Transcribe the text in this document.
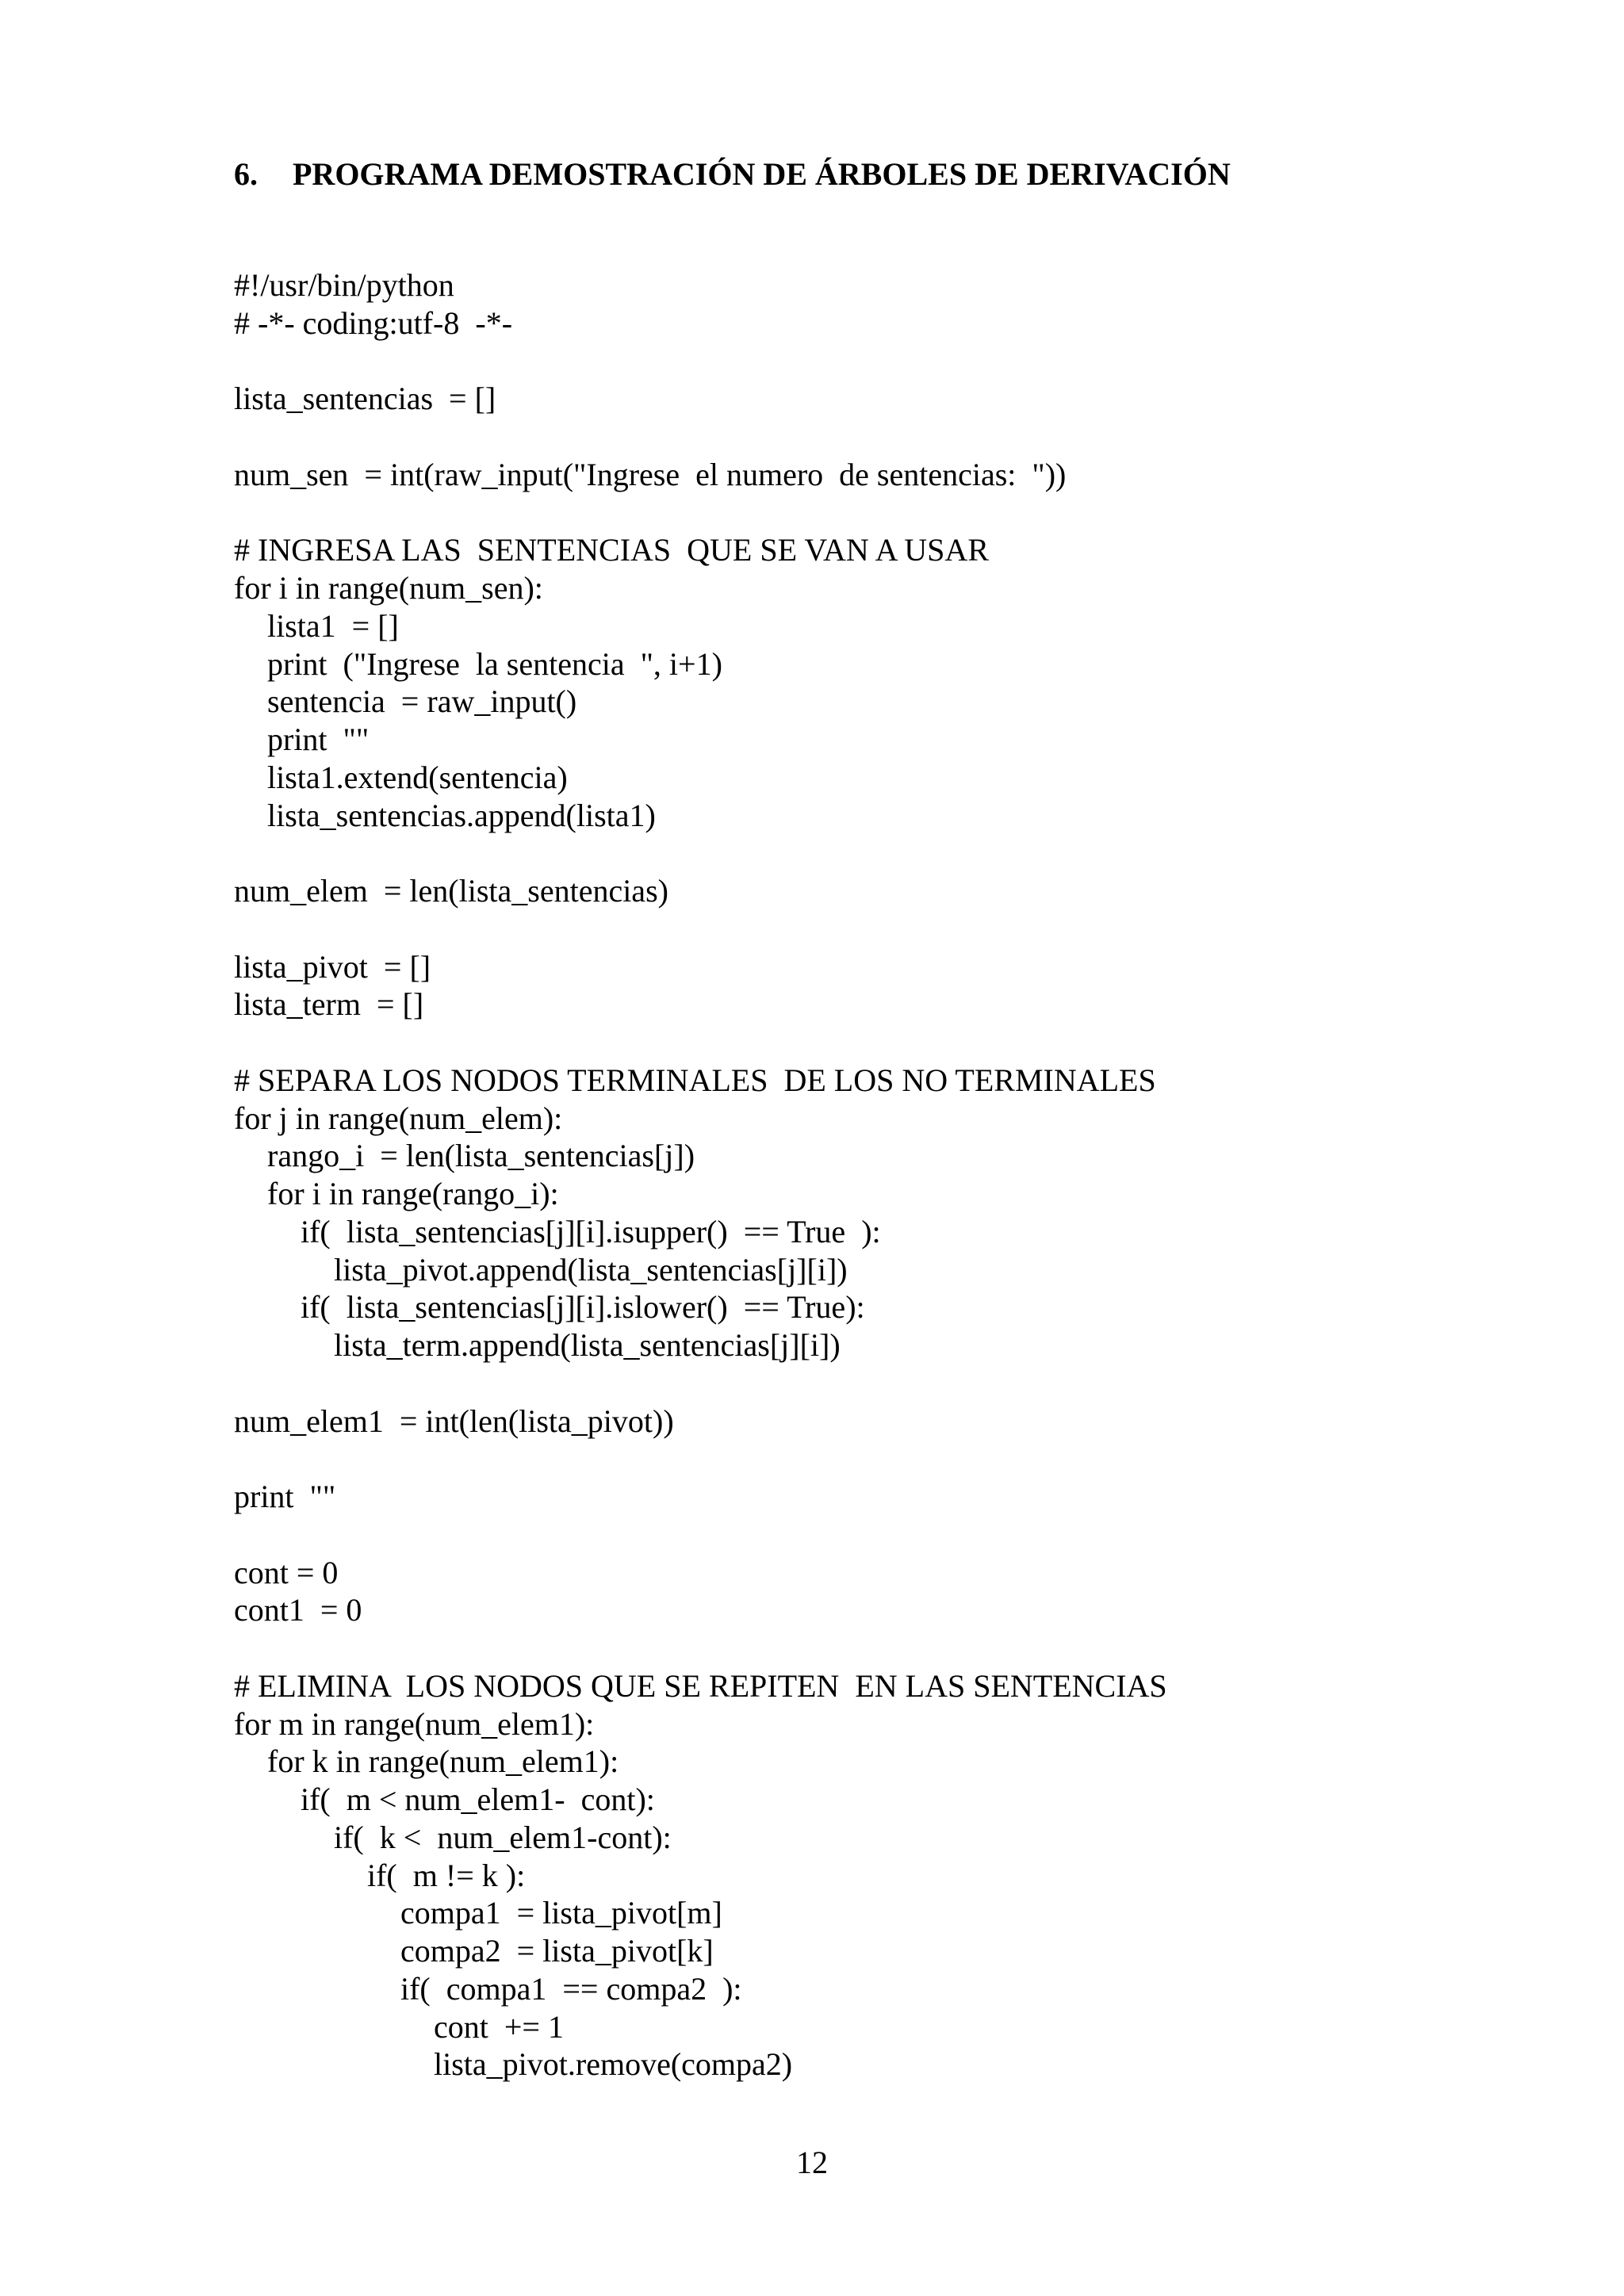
6. PROGRAMA DEMOSTRACIÓN DE ÁRBOLES DE DERIVACIÓN
#!/usr/bin/python
# -*- coding:utf-8  -*-
lista_sentencias  = []
num_sen  = int(raw_input("Ingrese  el numero  de sentencias:  "))
# INGRESA LAS  SENTENCIAS  QUE SE VAN A USAR
for i in range(num_sen):
lista1  = []
print  ("Ingrese  la sentencia  ", i+1)
sentencia  = raw_input()
print  ""
lista1.extend(sentencia)
lista_sentencias.append(lista1)
num_elem  = len(lista_sentencias)
lista_pivot  = []
lista_term  = []
# SEPARA LOS NODOS TERMINALES  DE LOS NO TERMINALES
for j in range(num_elem):
rango_i  = len(lista_sentencias[j])
for i in range(rango_i):
if(  lista_sentencias[j][i].isupper()  == True  ):
lista_pivot.append(lista_sentencias[j][i])
if(  lista_sentencias[j][i].islower()  == True):
lista_term.append(lista_sentencias[j][i])
num_elem1  = int(len(lista_pivot))
print  ""
cont = 0
cont1  = 0
# ELIMINA  LOS NODOS QUE SE REPITEN  EN LAS SENTENCIAS
for m in range(num_elem1):
for k in range(num_elem1):
if(  m < num_elem1-  cont):
if(  k <  num_elem1-cont):
if(  m != k ):
compa1  = lista_pivot[m]
compa2  = lista_pivot[k]
if(  compa1  == compa2  ):
cont  += 1
lista_pivot.remove(compa2)
12
